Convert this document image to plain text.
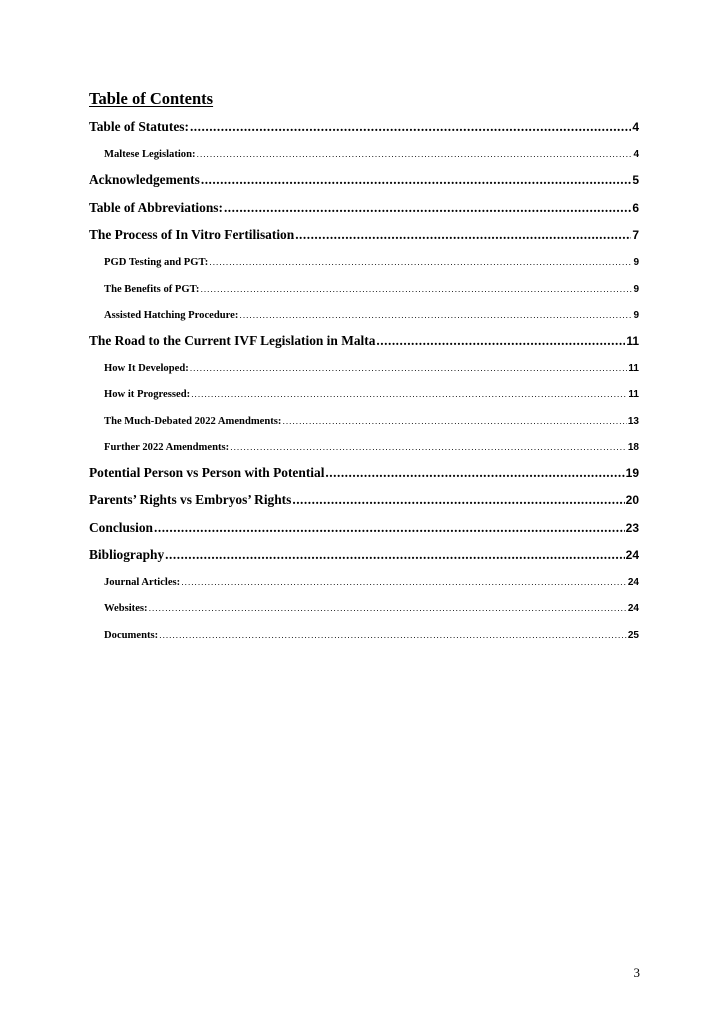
Table of Contents
Table of Statutes: .....	4
Maltese Legislation: .....	4
Acknowledgements .....	5
Table of Abbreviations: .....	6
The Process of In Vitro Fertilisation .....	7
PGD Testing and PGT: .....	9
The Benefits of PGT: .....	9
Assisted Hatching Procedure: .....	9
The Road to the Current IVF Legislation in Malta .....	11
How It Developed: .....	11
How it Progressed: .....	11
The Much-Debated 2022 Amendments: .....	13
Further 2022 Amendments: .....	18
Potential Person vs Person with Potential .....	19
Parents’ Rights vs Embryos’ Rights .....	20
Conclusion .....	23
Bibliography .....	24
Journal Articles: .....	24
Websites: .....	24
Documents: .....	25
3
